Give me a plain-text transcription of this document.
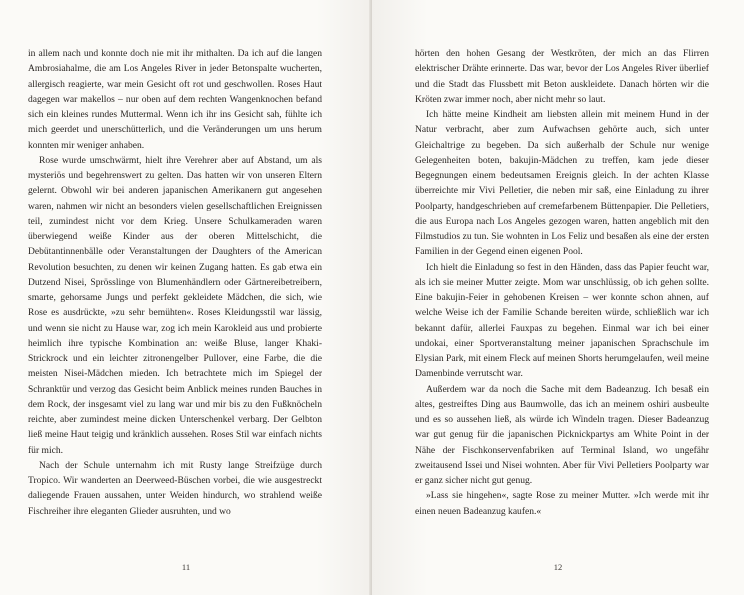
in allem nach und konnte doch nie mit ihr mithalten. Da ich auf die langen Ambrosiahalme, die am Los Angeles River in jeder Betonspalte wucherten, allergisch reagierte, war mein Gesicht oft rot und geschwollen. Roses Haut dagegen war makellos – nur oben auf dem rechten Wangenknochen befand sich ein kleines rundes Muttermal. Wenn ich ihr ins Gesicht sah, fühlte ich mich geerdet und unerschütterlich, und die Veränderungen um uns herum konnten mir weniger anhaben.

Rose wurde umschwärmt, hielt ihre Verehrer aber auf Abstand, um als mysteriös und begehrenswert zu gelten. Das hatten wir von unseren Eltern gelernt. Obwohl wir bei anderen japanischen Amerikanern gut angesehen waren, nahmen wir nicht an besonders vielen gesellschaftlichen Ereignissen teil, zumindest nicht vor dem Krieg. Unsere Schulkameraden waren überwiegend weiße Kinder aus der oberen Mittelschicht, die Debütantinnenbälle oder Veranstaltungen der Daughters of the American Revolution besuchten, zu denen wir keinen Zugang hatten. Es gab etwa ein Dutzend Nisei, Sprösslinge von Blumenhändlern oder Gärtnereibetreibern, smarte, gehorsame Jungs und perfekt gekleidete Mädchen, die sich, wie Rose es ausdrückte, »zu sehr bemühten«. Roses Kleidungsstil war lässig, und wenn sie nicht zu Hause war, zog ich mein Karokleid aus und probierte heimlich ihre typische Kombination an: weiße Bluse, langer Khaki-Strickrock und ein leichter zitronengelber Pullover, eine Farbe, die die meisten Nisei-Mädchen mieden. Ich betrachtete mich im Spiegel der Schranktür und verzog das Gesicht beim Anblick meines runden Bauches in dem Rock, der insgesamt viel zu lang war und mir bis zu den Fußknöcheln reichte, aber zumindest meine dicken Unterschenkel verbarg. Der Gelbton ließ meine Haut teigig und kränklich aussehen. Roses Stil war einfach nichts für mich.

Nach der Schule unternahm ich mit Rusty lange Streifzüge durch Tropico. Wir wanderten an Deerweed-Büschen vorbei, die wie ausgestreckt daliegende Frauen aussahen, unter Weiden hindurch, wo strahlend weiße Fischreiher ihre eleganten Glieder ausruhten, und wo

11

hörten den hohen Gesang der Westkröten, der mich an das Flirren elektrischer Drähte erinnerte. Das war, bevor der Los Angeles River überlief und die Stadt das Flussbett mit Beton auskleidete. Danach hörten wir die Kröten zwar immer noch, aber nicht mehr so laut.

Ich hätte meine Kindheit am liebsten allein mit meinem Hund in der Natur verbracht, aber zum Aufwachsen gehörte auch, sich unter Gleichaltrige zu begeben. Da sich außerhalb der Schule nur wenige Gelegenheiten boten, bakujin-Mädchen zu treffen, kam jede dieser Begegnungen einem bedeutsamen Ereignis gleich. In der achten Klasse überreichte mir Vivi Pelletier, die neben mir saß, eine Einladung zu ihrer Poolparty, handgeschrieben auf cremefarbenem Büttenpapier. Die Pelletiers, die aus Europa nach Los Angeles gezogen waren, hatten angeblich mit den Filmstudios zu tun. Sie wohnten in Los Feliz und besaßen als eine der ersten Familien in der Gegend einen eigenen Pool.

Ich hielt die Einladung so fest in den Händen, dass das Papier feucht war, als ich sie meiner Mutter zeigte. Mom war unschlüssig, ob ich gehen sollte. Eine bakujin-Feier in gehobenen Kreisen – wer konnte schon ahnen, auf welche Weise ich der Familie Schande bereiten würde, schließlich war ich bekannt dafür, allerlei Fauxpas zu begehen. Einmal war ich bei einer undokai, einer Sportveranstaltung meiner japanischen Sprachschule im Elysian Park, mit einem Fleck auf meinen Shorts herumgelaufen, weil meine Damenbinde verrutscht war.

Außerdem war da noch die Sache mit dem Badeanzug. Ich besaß ein altes, gestreiftes Ding aus Baumwolle, das ich an meinem oshiri ausbeulte und es so aussehen ließ, als würde ich Windeln tragen. Dieser Badeanzug war gut genug für die japanischen Picknickpartys am White Point in der Nähe der Fischkonservenfabriken auf Terminal Island, wo ungefähr zweitausend Issei und Nisei wohnten. Aber für Vivi Pelletiers Poolparty war er ganz sicher nicht gut genug.

»Lass sie hingehen«, sagte Rose zu meiner Mutter. »Ich werde mit ihr einen neuen Badeanzug kaufen.«

12
